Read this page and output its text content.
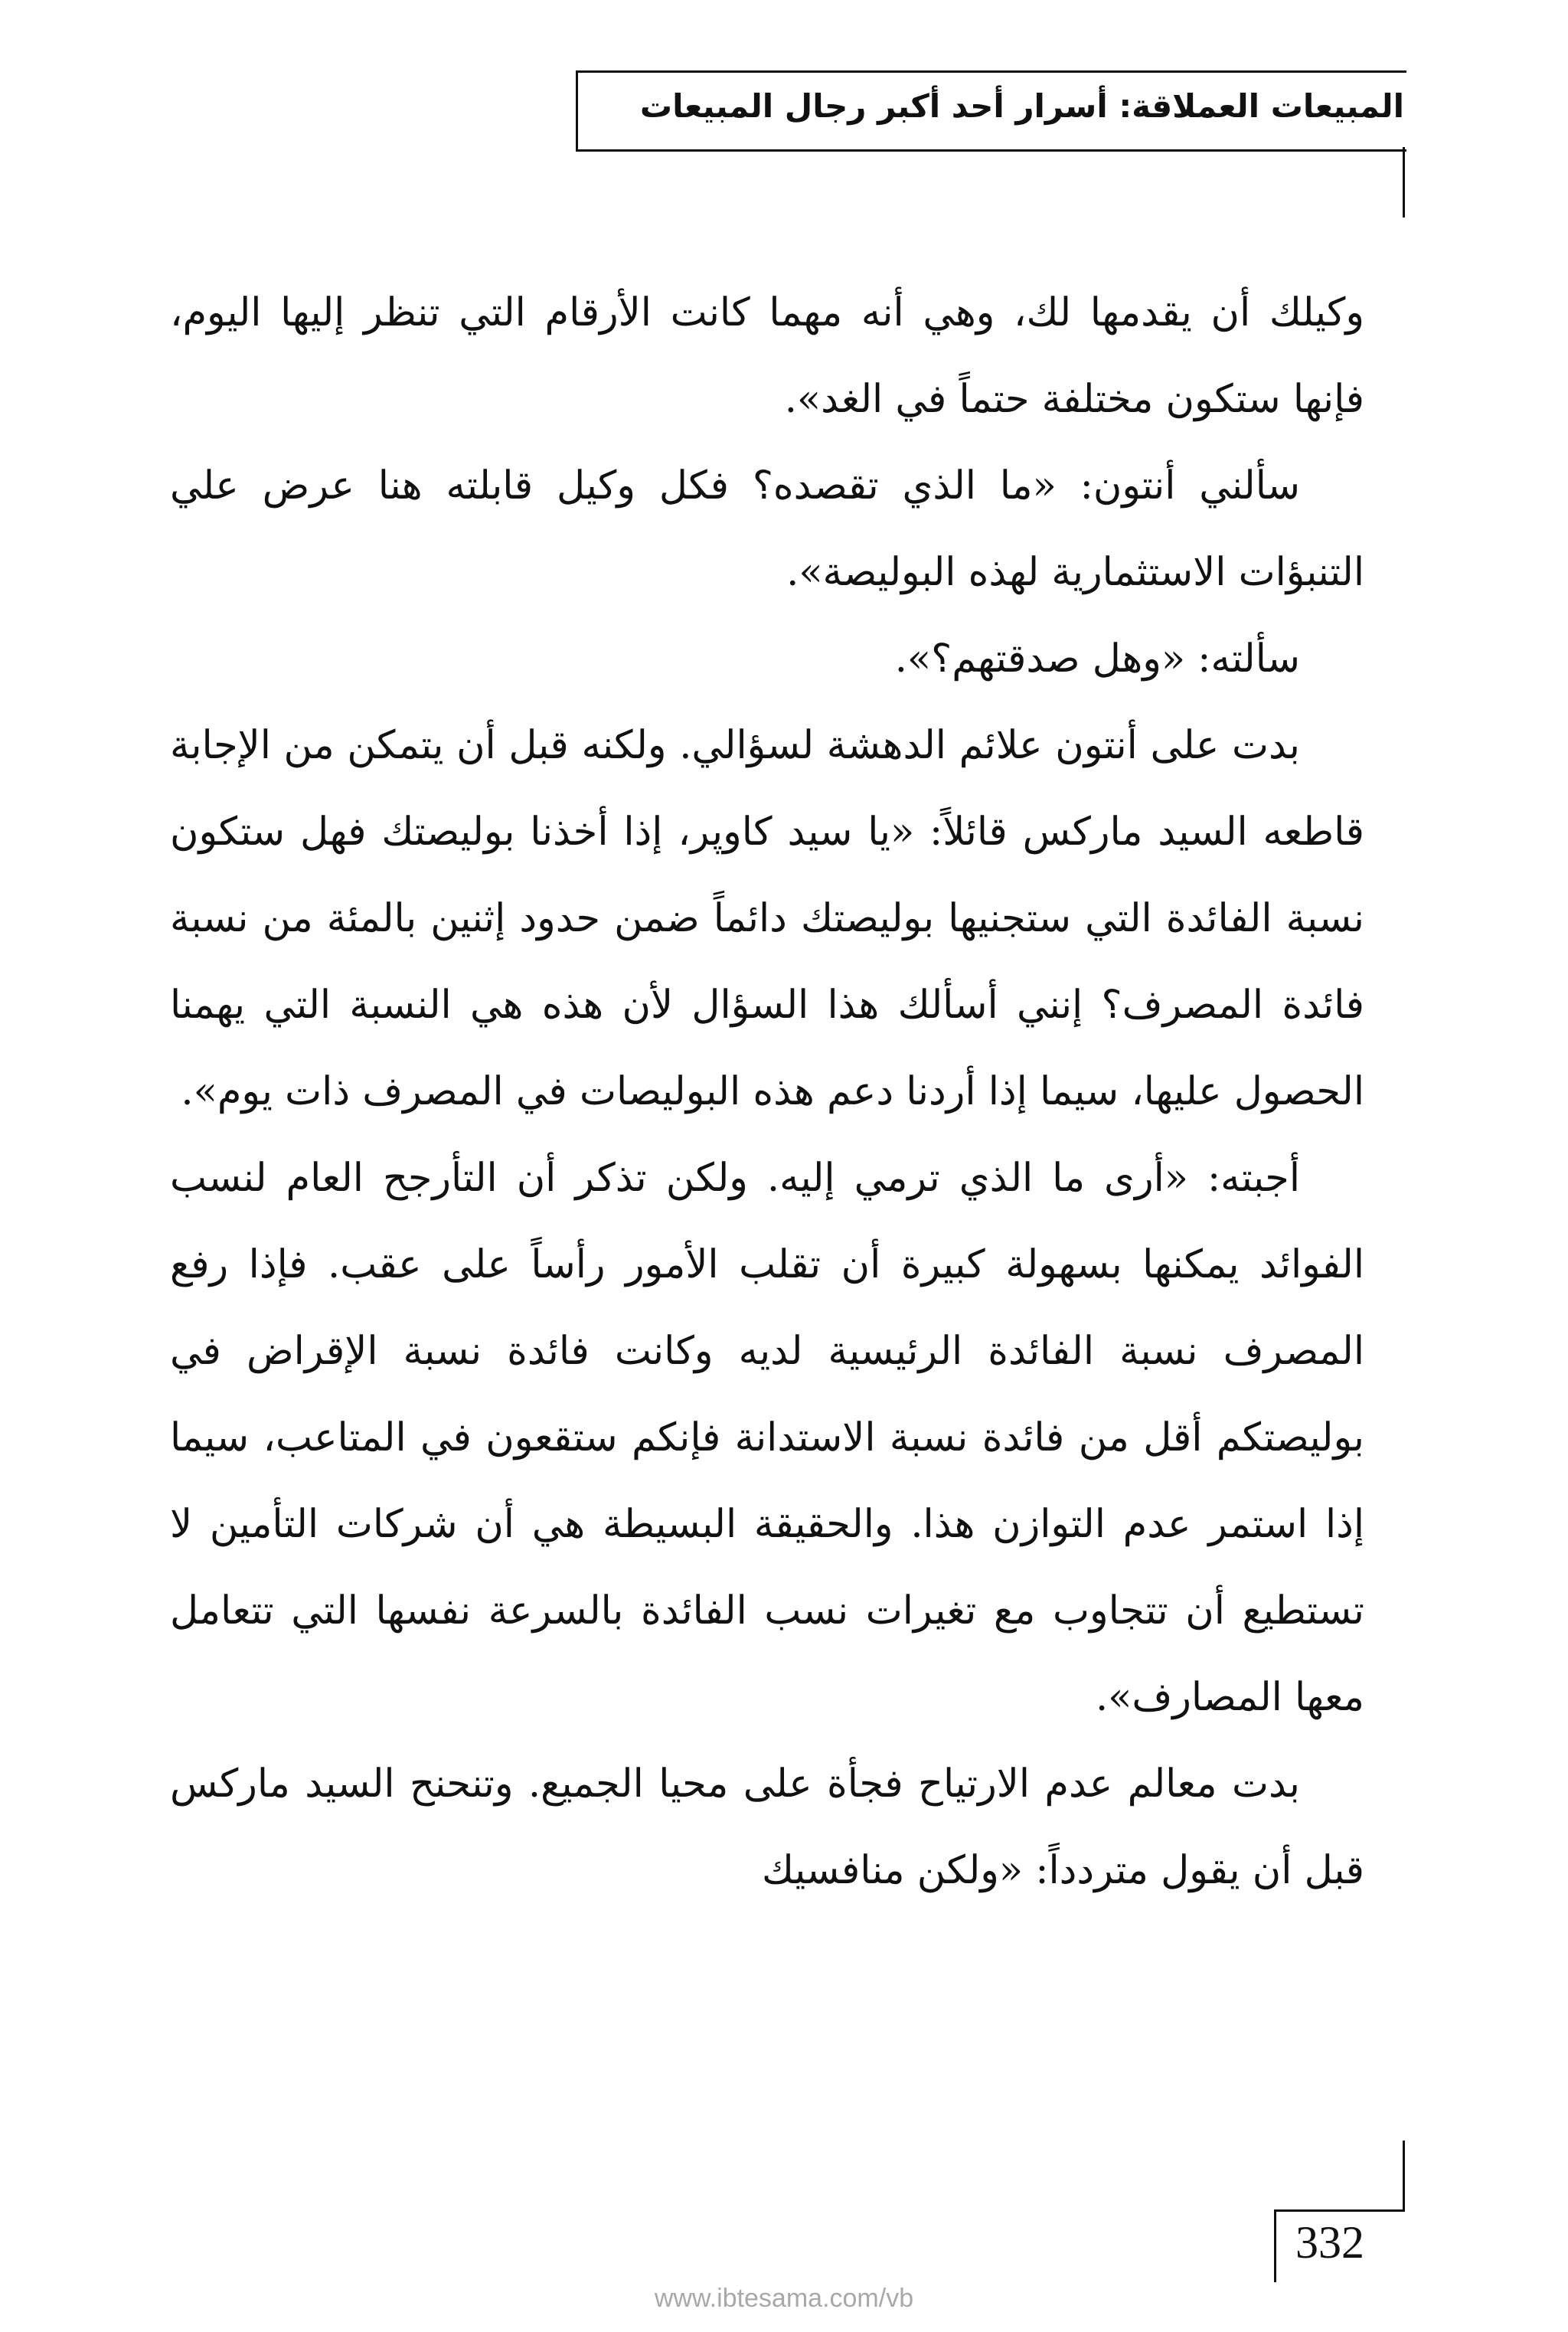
المبيعات العملاقة: أسرار أحد أكبر رجال المبيعات

وكيلك أن يقدمها لك، وهي أنه مهما كانت الأرقام التي تنظر إليها اليوم، فإنها ستكون مختلفة حتماً في الغد».

سألني أنتون: «ما الذي تقصده؟ فكل وكيل قابلته هنا عرض علي التنبؤات الاستثمارية لهذه البوليصة».

سألته: «وهل صدقتهم؟».

بدت على أنتون علائم الدهشة لسؤالي. ولكنه قبل أن يتمكن من الإجابة قاطعه السيد ماركس قائلاً: «يا سيد كاوپر، إذا أخذنا بوليصتك فهل ستكون نسبة الفائدة التي ستجنيها بوليصتك دائماً ضمن حدود إثنين بالمئة من نسبة فائدة المصرف؟ إنني أسألك هذا السؤال لأن هذه هي النسبة التي يهمنا الحصول عليها، سيما إذا أردنا دعم هذه البوليصات في المصرف ذات يوم».

أجبته: «أرى ما الذي ترمي إليه. ولكن تذكر أن التأرجح العام لنسب الفوائد يمكنها بسهولة كبيرة أن تقلب الأمور رأساً على عقب. فإذا رفع المصرف نسبة الفائدة الرئيسية لديه وكانت فائدة نسبة الإقراض في بوليصتكم أقل من فائدة نسبة الاستدانة فإنكم ستقعون في المتاعب، سيما إذا استمر عدم التوازن هذا. والحقيقة البسيطة هي أن شركات التأمين لا تستطيع أن تتجاوب مع تغيرات نسب الفائدة بالسرعة نفسها التي تتعامل معها المصارف».

بدت معالم عدم الارتياح فجأة على محيا الجميع. وتنحنح السيد ماركس قبل أن يقول متردداً: «ولكن منافسيك

332
www.ibtesama.com/vb
